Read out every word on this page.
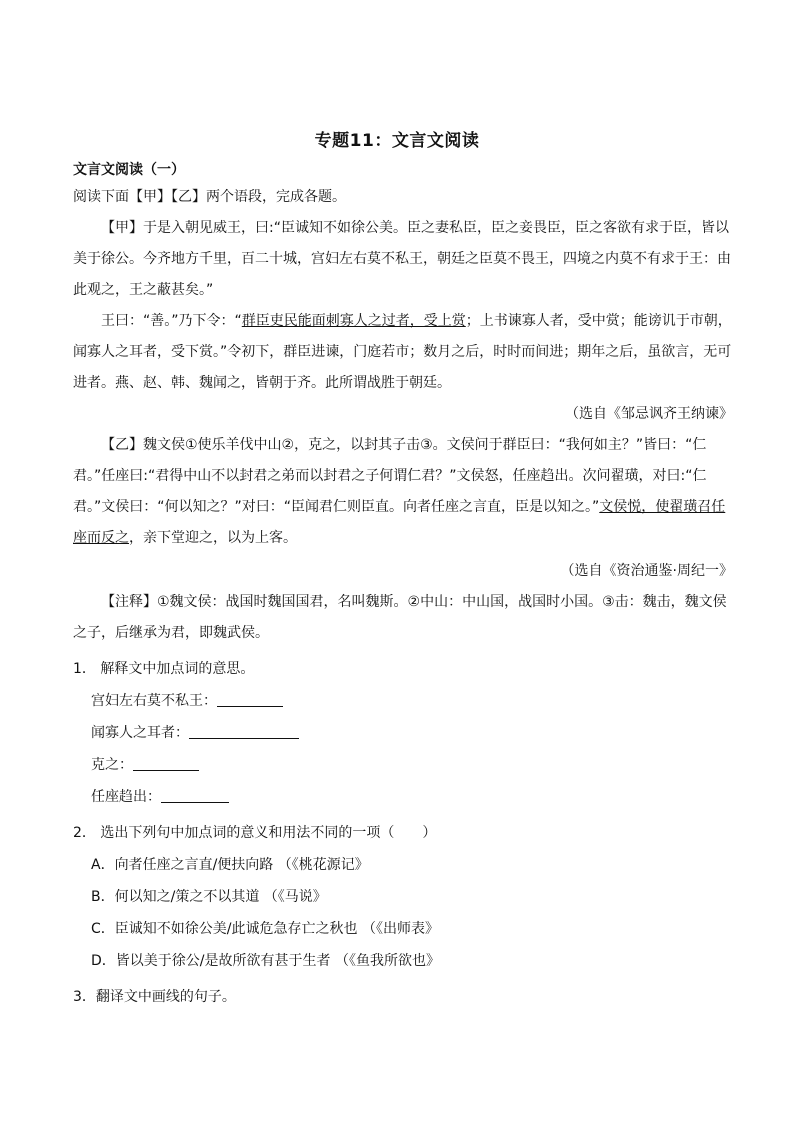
专题11：文言文阅读
文言文阅读（一）

阅读下面【甲】【乙】两个语段，完成各题。

【甲】于是入朝见威王，曰:“臣诚知不如徐公美。臣之妻私臣，臣之妾畏臣，臣之客欲有求于臣，皆以美于徐公。今齐地方千里，百二十城，宫妇左右莫不私王，朝廷之臣莫不畏王，四境之内莫不有求于王：由此观之，王之蔽甚矣。”

王曰：“善。”乃下令：“群臣吏民能面刺寡人之过者，受上赏；上书谏寡人者，受中赏；能谤讥于市朝，闻寡人之耳者，受下赏。”令初下，群臣进谏，门庭若市；数月之后，时时而间进；期年之后，虽欲言，无可进者。燕、赵、韩、魏闻之，皆朝于齐。此所谓战胜于朝廷。

（选自《邹忌讽齐王纳谏》

【乙】魏文侯①使乐羊伐中山②，克之，以封其子击③。文侯问于群臣曰：“我何如主？”皆曰：“仁君。”任座曰:“君得中山不以封君之弟而以封君之子何谓仁君？”文侯怒，任座趋出。次问翟璜，对曰:“仁君。”文侯曰：“何以知之？”对曰：“臣闻君仁则臣直。向者任座之言直，臣是以知之。”文侯悦，使翟璜召任座而反之，亲下堂迎之，以为上客。

（选自《资治通鉴·周纪一》

【注释】①魏文侯：战国时魏国国君，名叫魏斯。②中山：中山国，战国时小国。③击：魏击，魏文侯之子，后继承为君，即魏武侯。

1． 解释文中加点词的意思。

宫妇左右莫不私王：

闻寡人之耳者：

克之：

任座趋出：

2． 选出下列句中加点词的意义和用法不同的一项（　　）

A．向者任座之言直/便扶向路 （《桃花源记》

B．何以知之/策之不以其道 （《马说》

C．臣诚知不如徐公美/此诚危急存亡之秋也 （《出师表》

D．皆以美于徐公/是故所欲有甚于生者 （《鱼我所欲也》

3．翻译文中画线的句子。
